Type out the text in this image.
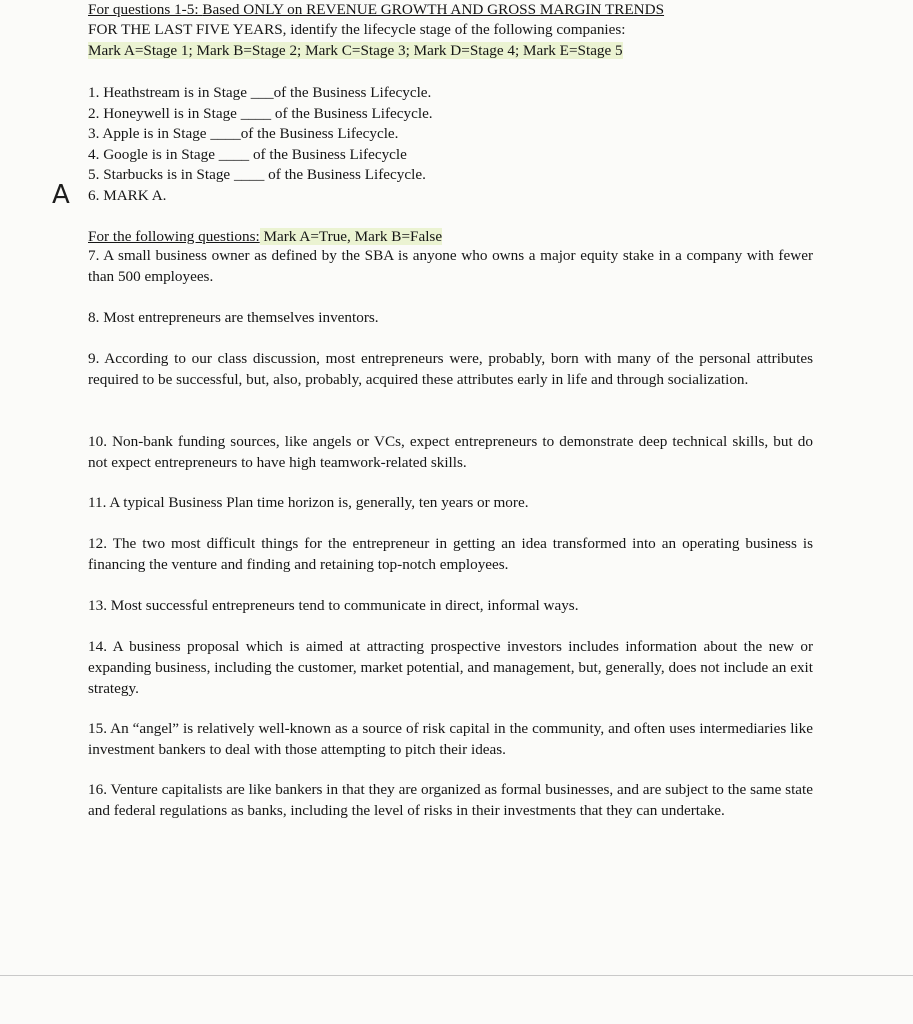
For questions 1-5: Based ONLY on REVENUE GROWTH AND GROSS MARGIN TRENDS
FOR THE LAST FIVE YEARS, identify the lifecycle stage of the following companies:
Mark A=Stage 1; Mark B=Stage 2; Mark C=Stage 3; Mark D=Stage 4; Mark E=Stage 5
1. Heathstream is in Stage ___of the Business Lifecycle.
2. Honeywell is in Stage ____ of the Business Lifecycle.
3. Apple is in Stage ____of the Business Lifecycle.
4. Google is in Stage ____ of the Business Lifecycle
5. Starbucks is in Stage ____ of the Business Lifecycle.
6. MARK A.
A
For the following questions: Mark A=True, Mark B=False
7. A small business owner as defined by the SBA is anyone who owns a major equity stake in a company with fewer than 500 employees.
8. Most entrepreneurs are themselves inventors.
9. According to our class discussion, most entrepreneurs were, probably, born with many of the personal attributes required to be successful, but, also, probably, acquired these attributes early in life and through socialization.
10. Non-bank funding sources, like angels or VCs, expect entrepreneurs to demonstrate deep technical skills, but do not expect entrepreneurs to have high teamwork-related skills.
11. A typical Business Plan time horizon is, generally, ten years or more.
12. The two most difficult things for the entrepreneur in getting an idea transformed into an operating business is financing the venture and finding and retaining top-notch employees.
13. Most successful entrepreneurs tend to communicate in direct, informal ways.
14. A business proposal which is aimed at attracting prospective investors includes information about the new or expanding business, including the customer, market potential, and management, but, generally, does not include an exit strategy.
15. An “angel” is relatively well-known as a source of risk capital in the community, and often uses intermediaries like investment bankers to deal with those attempting to pitch their ideas.
16. Venture capitalists are like bankers in that they are organized as formal businesses, and are subject to the same state and federal regulations as banks, including the level of risks in their investments that they can undertake.
